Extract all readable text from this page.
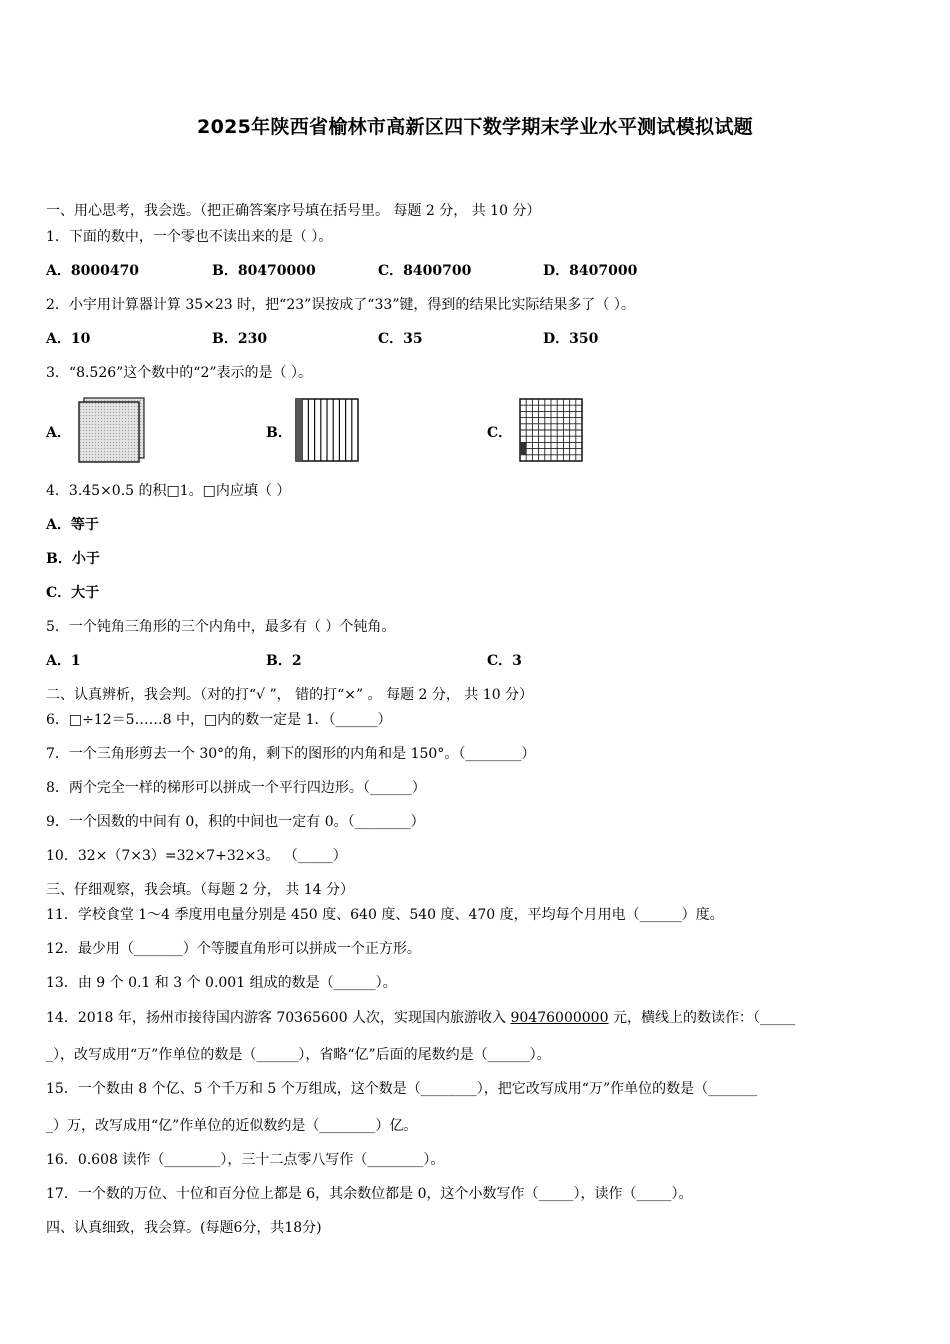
2025年陕西省榆林市高新区四下数学期末学业水平测试模拟试题
一、用心思考，我会选。（把正确答案序号填在括号里。 每题 2 分， 共 10 分）
1．下面的数中，一个零也不读出来的是（ ）。
A．8000470	B．80470000	C．8400700	D．8407000
2．小宇用计算器计算 35×23 时，把“23”误按成了“33”键，得到的结果比实际结果多了（ ）。
A．10	B．230	C．35	D．350
3．“8.526”这个数中的“2”表示的是（ ）。
A．	B．	C．
4．3.45×0.5 的积□1。□内应填（ ）
A．等于
B．小于
C．大于
5．一个钝角三角形的三个内角中，最多有（ ）个钝角。
A．1	B．2	C．3
二、认真辨析，我会判。（对的打“√ ”， 错的打“×” 。 每题 2 分， 共 10 分）
6．□÷12＝5……8 中，□内的数一定是 1．（______）
7．一个三角形剪去一个 30°的角，剩下的图形的内角和是 150°。（________）
8．两个完全一样的梯形可以拼成一个平行四边形。（______）
9．一个因数的中间有 0，积的中间也一定有 0。（________）
10．32×（7×3）=32×7+32×3。 （_____）
三、仔细观察，我会填。（每题 2 分， 共 14 分）
11．学校食堂 1～4 季度用电量分别是 450 度、640 度、540 度、470 度，平均每个月用电（______）度。
12．最少用（_______）个等腰直角形可以拼成一个正方形。
13．由 9 个 0.1 和 3 个 0.001 组成的数是（______）。
14．2018 年，扬州市接待国内游客 70365600 人次，实现国内旅游收入 90476000000 元，横线上的数读作：（_____
_），改写成用“万”作单位的数是（______），省略“亿”后面的尾数约是（______）。
15．一个数由 8 个亿、5 个千万和 5 个万组成，这个数是（________），把它改写成用“万”作单位的数是（_______
_）万，改写成用“亿”作单位的近似数约是（________）亿。
16．0.608 读作（________），三十二点零八写作（________）。
17．一个数的万位、十位和百分位上都是 6，其余数位都是 0，这个小数写作（_____），读作（_____）。
四、认真细致，我会算。(每题6分，共18分)
